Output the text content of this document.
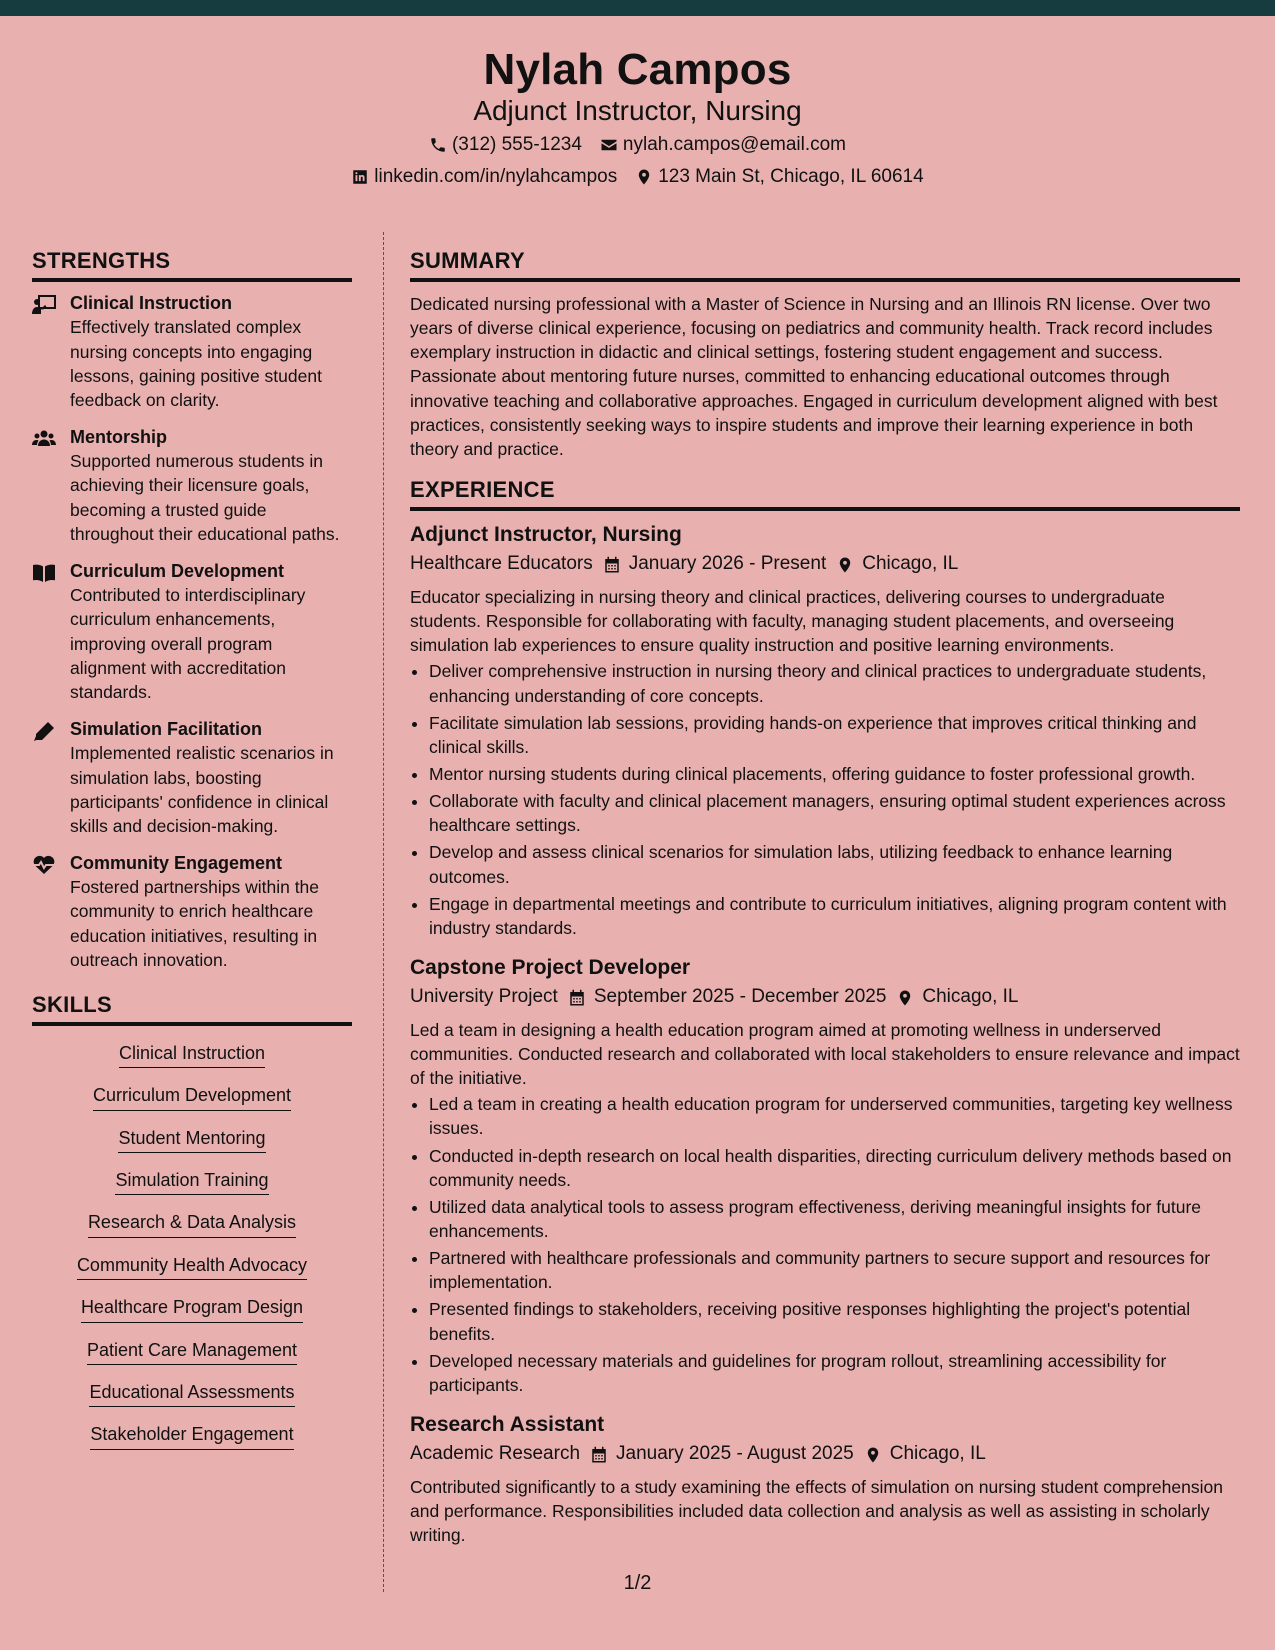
Nylah Campos
Adjunct Instructor, Nursing
(312) 555-1234 nylah.campos@email.com
linkedin.com/in/nylahcampos 123 Main St, Chicago, IL 60614
STRENGTHS
Clinical Instruction
Effectively translated complex nursing concepts into engaging lessons, gaining positive student feedback on clarity.
Mentorship
Supported numerous students in achieving their licensure goals, becoming a trusted guide throughout their educational paths.
Curriculum Development
Contributed to interdisciplinary curriculum enhancements, improving overall program alignment with accreditation standards.
Simulation Facilitation
Implemented realistic scenarios in simulation labs, boosting participants' confidence in clinical skills and decision-making.
Community Engagement
Fostered partnerships within the community to enrich healthcare education initiatives, resulting in outreach innovation.
SKILLS
Clinical Instruction
Curriculum Development
Student Mentoring
Simulation Training
Research & Data Analysis
Community Health Advocacy
Healthcare Program Design
Patient Care Management
Educational Assessments
Stakeholder Engagement
SUMMARY
Dedicated nursing professional with a Master of Science in Nursing and an Illinois RN license. Over two years of diverse clinical experience, focusing on pediatrics and community health. Track record includes exemplary instruction in didactic and clinical settings, fostering student engagement and success. Passionate about mentoring future nurses, committed to enhancing educational outcomes through innovative teaching and collaborative approaches. Engaged in curriculum development aligned with best practices, consistently seeking ways to inspire students and improve their learning experience in both theory and practice.
EXPERIENCE
Adjunct Instructor, Nursing
Healthcare Educators January 2026 - Present Chicago, IL
Educator specializing in nursing theory and clinical practices, delivering courses to undergraduate students. Responsible for collaborating with faculty, managing student placements, and overseeing simulation lab experiences to ensure quality instruction and positive learning environments.
• Deliver comprehensive instruction in nursing theory and clinical practices to undergraduate students, enhancing understanding of core concepts.
• Facilitate simulation lab sessions, providing hands-on experience that improves critical thinking and clinical skills.
• Mentor nursing students during clinical placements, offering guidance to foster professional growth.
• Collaborate with faculty and clinical placement managers, ensuring optimal student experiences across healthcare settings.
• Develop and assess clinical scenarios for simulation labs, utilizing feedback to enhance learning outcomes.
• Engage in departmental meetings and contribute to curriculum initiatives, aligning program content with industry standards.
Capstone Project Developer
University Project September 2025 - December 2025 Chicago, IL
Led a team in designing a health education program aimed at promoting wellness in underserved communities. Conducted research and collaborated with local stakeholders to ensure relevance and impact of the initiative.
• Led a team in creating a health education program for underserved communities, targeting key wellness issues.
• Conducted in-depth research on local health disparities, directing curriculum delivery methods based on community needs.
• Utilized data analytical tools to assess program effectiveness, deriving meaningful insights for future enhancements.
• Partnered with healthcare professionals and community partners to secure support and resources for implementation.
• Presented findings to stakeholders, receiving positive responses highlighting the project's potential benefits.
• Developed necessary materials and guidelines for program rollout, streamlining accessibility for participants.
Research Assistant
Academic Research January 2025 - August 2025 Chicago, IL
Contributed significantly to a study examining the effects of simulation on nursing student comprehension and performance. Responsibilities included data collection and analysis as well as assisting in scholarly writing.
1/2
